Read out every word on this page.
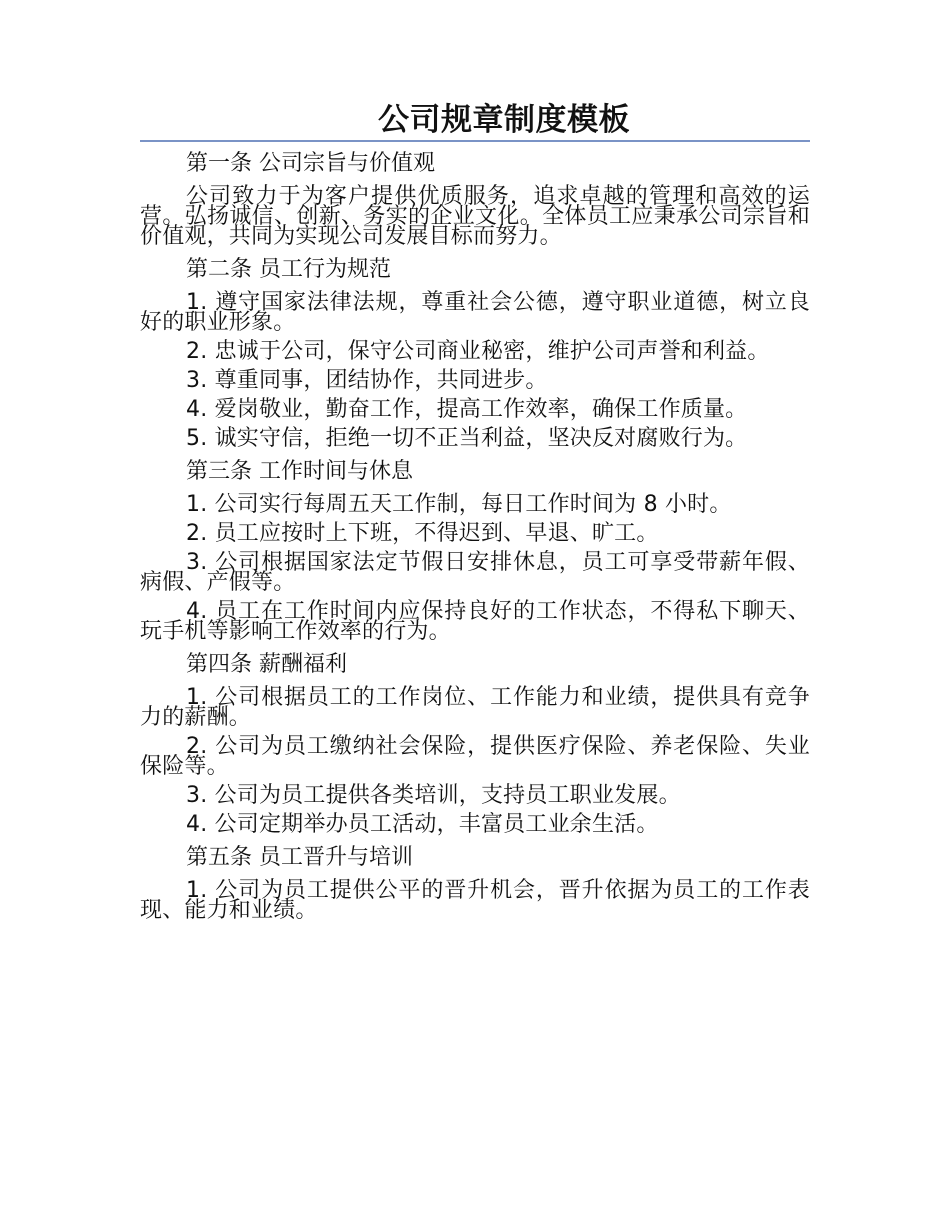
公司规章制度模板
第一条 公司宗旨与价值观

公司致力于为客户提供优质服务，追求卓越的管理和高效的运营。弘扬诚信、创新、务实的企业文化。全体员工应秉承公司宗旨和价值观，共同为实现公司发展目标而努力。

第二条 员工行为规范

1. 遵守国家法律法规，尊重社会公德，遵守职业道德，树立良好的职业形象。

2. 忠诚于公司，保守公司商业秘密，维护公司声誉和利益。

3. 尊重同事，团结协作，共同进步。

4. 爱岗敬业，勤奋工作，提高工作效率，确保工作质量。

5. 诚实守信，拒绝一切不正当利益，坚决反对腐败行为。

第三条 工作时间与休息

1. 公司实行每周五天工作制，每日工作时间为 8 小时。

2. 员工应按时上下班，不得迟到、早退、旷工。

3. 公司根据国家法定节假日安排休息，员工可享受带薪年假、病假、产假等。

4. 员工在工作时间内应保持良好的工作状态，不得私下聊天、玩手机等影响工作效率的行为。

第四条 薪酬福利

1. 公司根据员工的工作岗位、工作能力和业绩，提供具有竞争力的薪酬。

2. 公司为员工缴纳社会保险，提供医疗保险、养老保险、失业保险等。

3. 公司为员工提供各类培训，支持员工职业发展。

4. 公司定期举办员工活动，丰富员工业余生活。

第五条 员工晋升与培训

1. 公司为员工提供公平的晋升机会，晋升依据为员工的工作表现、能力和业绩。
